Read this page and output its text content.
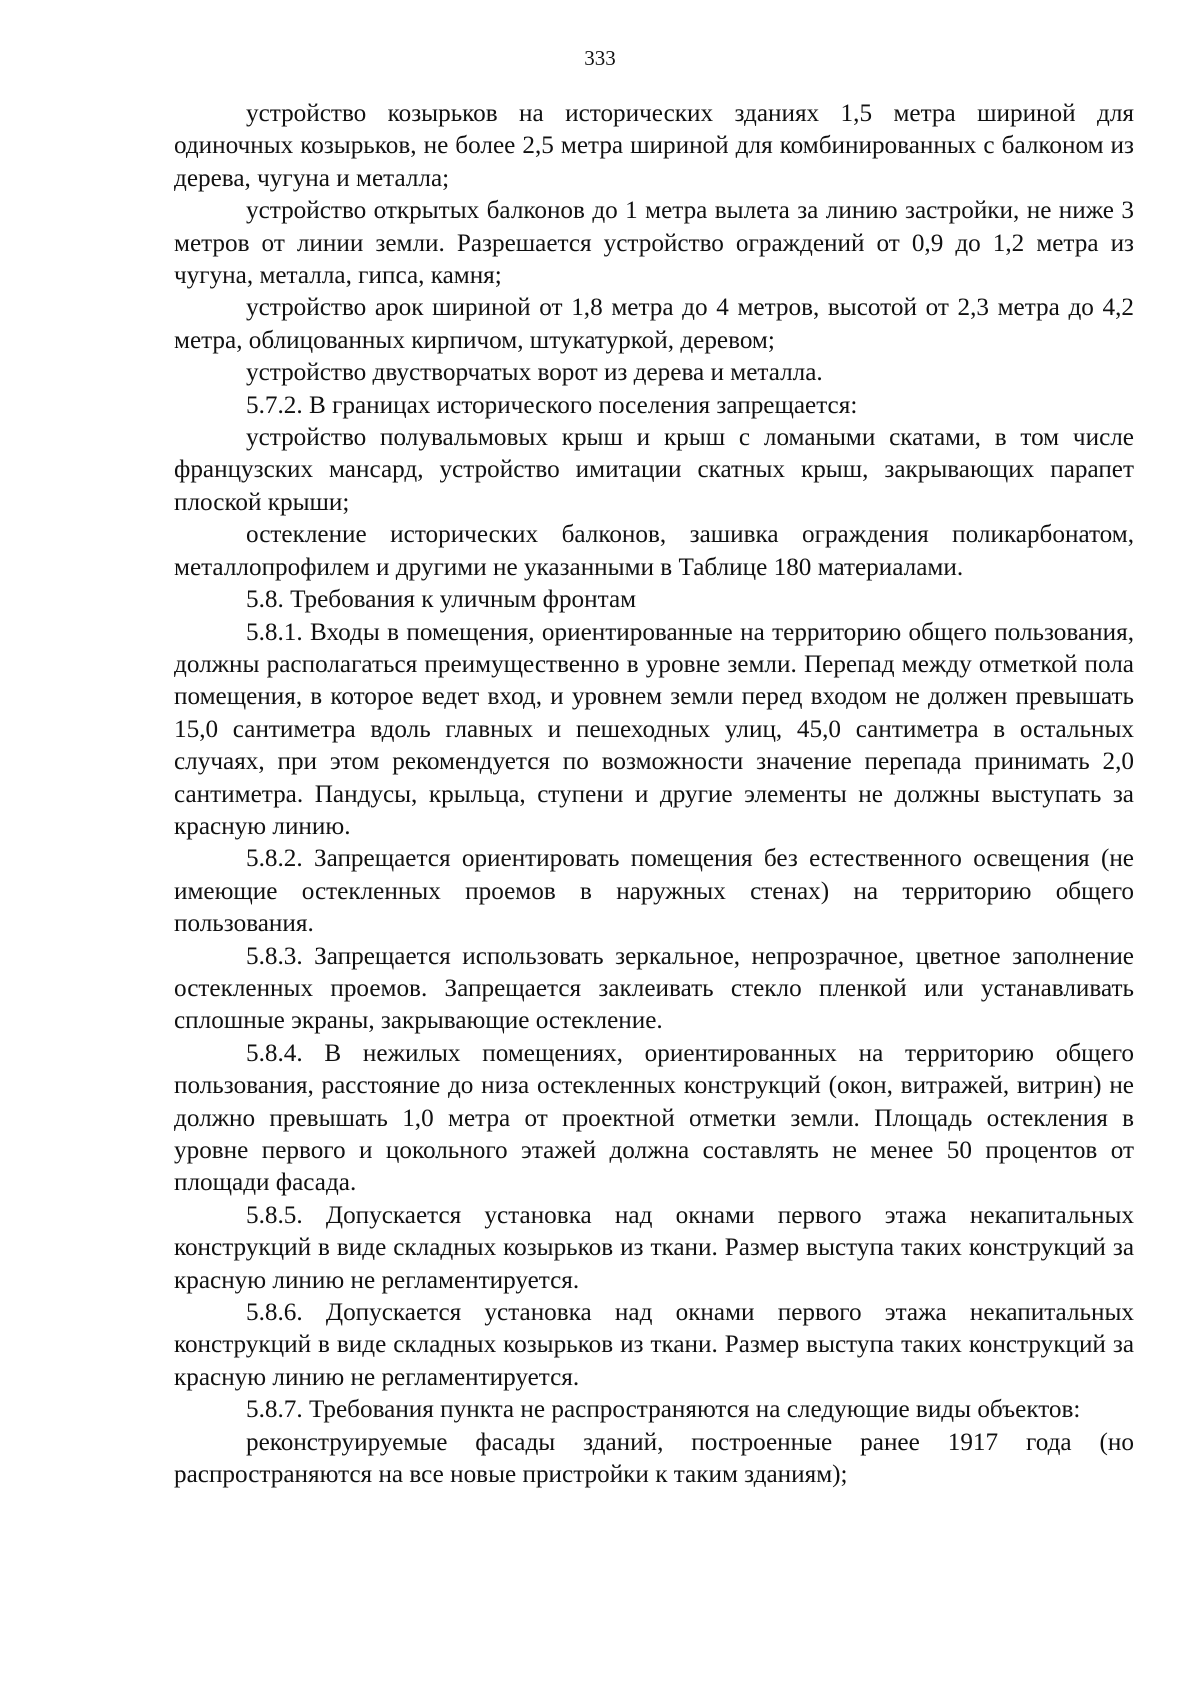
333

устройство козырьков на исторических зданиях 1,5 метра шириной для одиночных козырьков, не более 2,5 метра шириной для комбинированных с балконом из дерева, чугуна и металла;

устройство открытых балконов до 1 метра вылета за линию застройки, не ниже 3 метров от линии земли. Разрешается устройство ограждений от 0,9 до 1,2 метра из чугуна, металла, гипса, камня;

устройство арок шириной от 1,8 метра до 4 метров, высотой от 2,3 метра до 4,2 метра, облицованных кирпичом, штукатуркой, деревом;

устройство двустворчатых ворот из дерева и металла.

5.7.2. В границах исторического поселения запрещается:

устройство полувальмовых крыш и крыш с ломаными скатами, в том числе французских мансард, устройство имитации скатных крыш, закрывающих парапет плоской крыши;

остекление исторических балконов, зашивка ограждения поликарбонатом, металлопрофилем и другими не указанными в Таблице 180 материалами.

5.8. Требования к уличным фронтам

5.8.1. Входы в помещения, ориентированные на территорию общего пользования, должны располагаться преимущественно в уровне земли. Перепад между отметкой пола помещения, в которое ведет вход, и уровнем земли перед входом не должен превышать 15,0 сантиметра вдоль главных и пешеходных улиц, 45,0 сантиметра в остальных случаях, при этом рекомендуется по возможности значение перепада принимать 2,0 сантиметра. Пандусы, крыльца, ступени и другие элементы не должны выступать за красную линию.

5.8.2. Запрещается ориентировать помещения без естественного освещения (не имеющие остекленных проемов в наружных стенах) на территорию общего пользования.

5.8.3. Запрещается использовать зеркальное, непрозрачное, цветное заполнение остекленных проемов. Запрещается заклеивать стекло пленкой или устанавливать сплошные экраны, закрывающие остекление.

5.8.4. В нежилых помещениях, ориентированных на территорию общего пользования, расстояние до низа остекленных конструкций (окон, витражей, витрин) не должно превышать 1,0 метра от проектной отметки земли. Площадь остекления в уровне первого и цокольного этажей должна составлять не менее 50 процентов от площади фасада.

5.8.5. Допускается установка над окнами первого этажа некапитальных конструкций в виде складных козырьков из ткани. Размер выступа таких конструкций за красную линию не регламентируется.

5.8.6. Допускается установка над окнами первого этажа некапитальных конструкций в виде складных козырьков из ткани. Размер выступа таких конструкций за красную линию не регламентируется.

5.8.7. Требования пункта не распространяются на следующие виды объектов:

реконструируемые фасады зданий, построенные ранее 1917 года (но распространяются на все новые пристройки к таким зданиям);
